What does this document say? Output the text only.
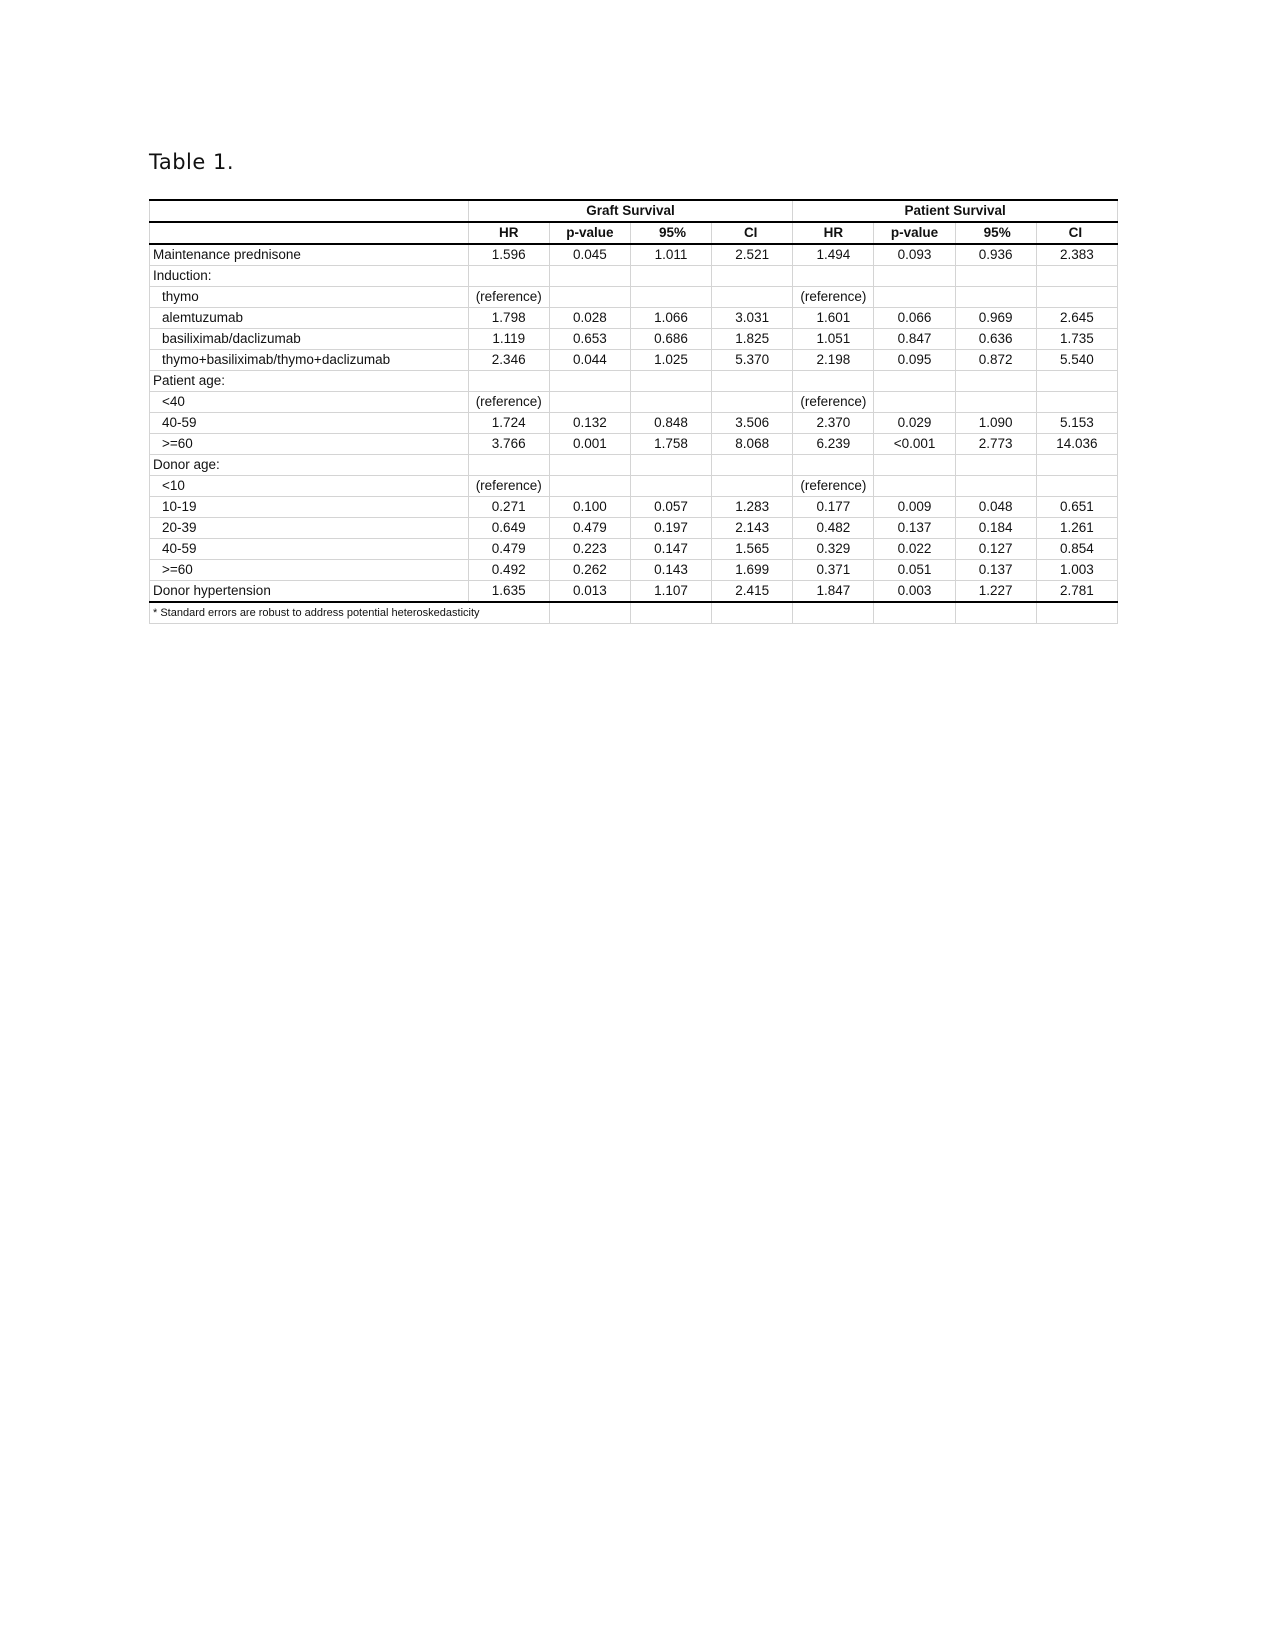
Table 1.
	Graft Survival				Patient Survival			
	HR	p-value	95%	CI	HR	p-value	95%	CI
Maintenance prednisone	1.596	0.045	1.011	2.521	1.494	0.093	0.936	2.383
Induction:								
thymo	(reference)				(reference)			
alemtuzumab	1.798	0.028	1.066	3.031	1.601	0.066	0.969	2.645
basiliximab/daclizumab	1.119	0.653	0.686	1.825	1.051	0.847	0.636	1.735
thymo+basiliximab/thymo+daclizumab	2.346	0.044	1.025	5.370	2.198	0.095	0.872	5.540
Patient age:								
<40	(reference)				(reference)			
40-59	1.724	0.132	0.848	3.506	2.370	0.029	1.090	5.153
>=60	3.766	0.001	1.758	8.068	6.239	<0.001	2.773	14.036
Donor age:								
<10	(reference)				(reference)			
10-19	0.271	0.100	0.057	1.283	0.177	0.009	0.048	0.651
20-39	0.649	0.479	0.197	2.143	0.482	0.137	0.184	1.261
40-59	0.479	0.223	0.147	1.565	0.329	0.022	0.127	0.854
>=60	0.492	0.262	0.143	1.699	0.371	0.051	0.137	1.003
Donor hypertension	1.635	0.013	1.107	2.415	1.847	0.003	1.227	2.781
* Standard errors are robust to address potential heteroskedasticity								
